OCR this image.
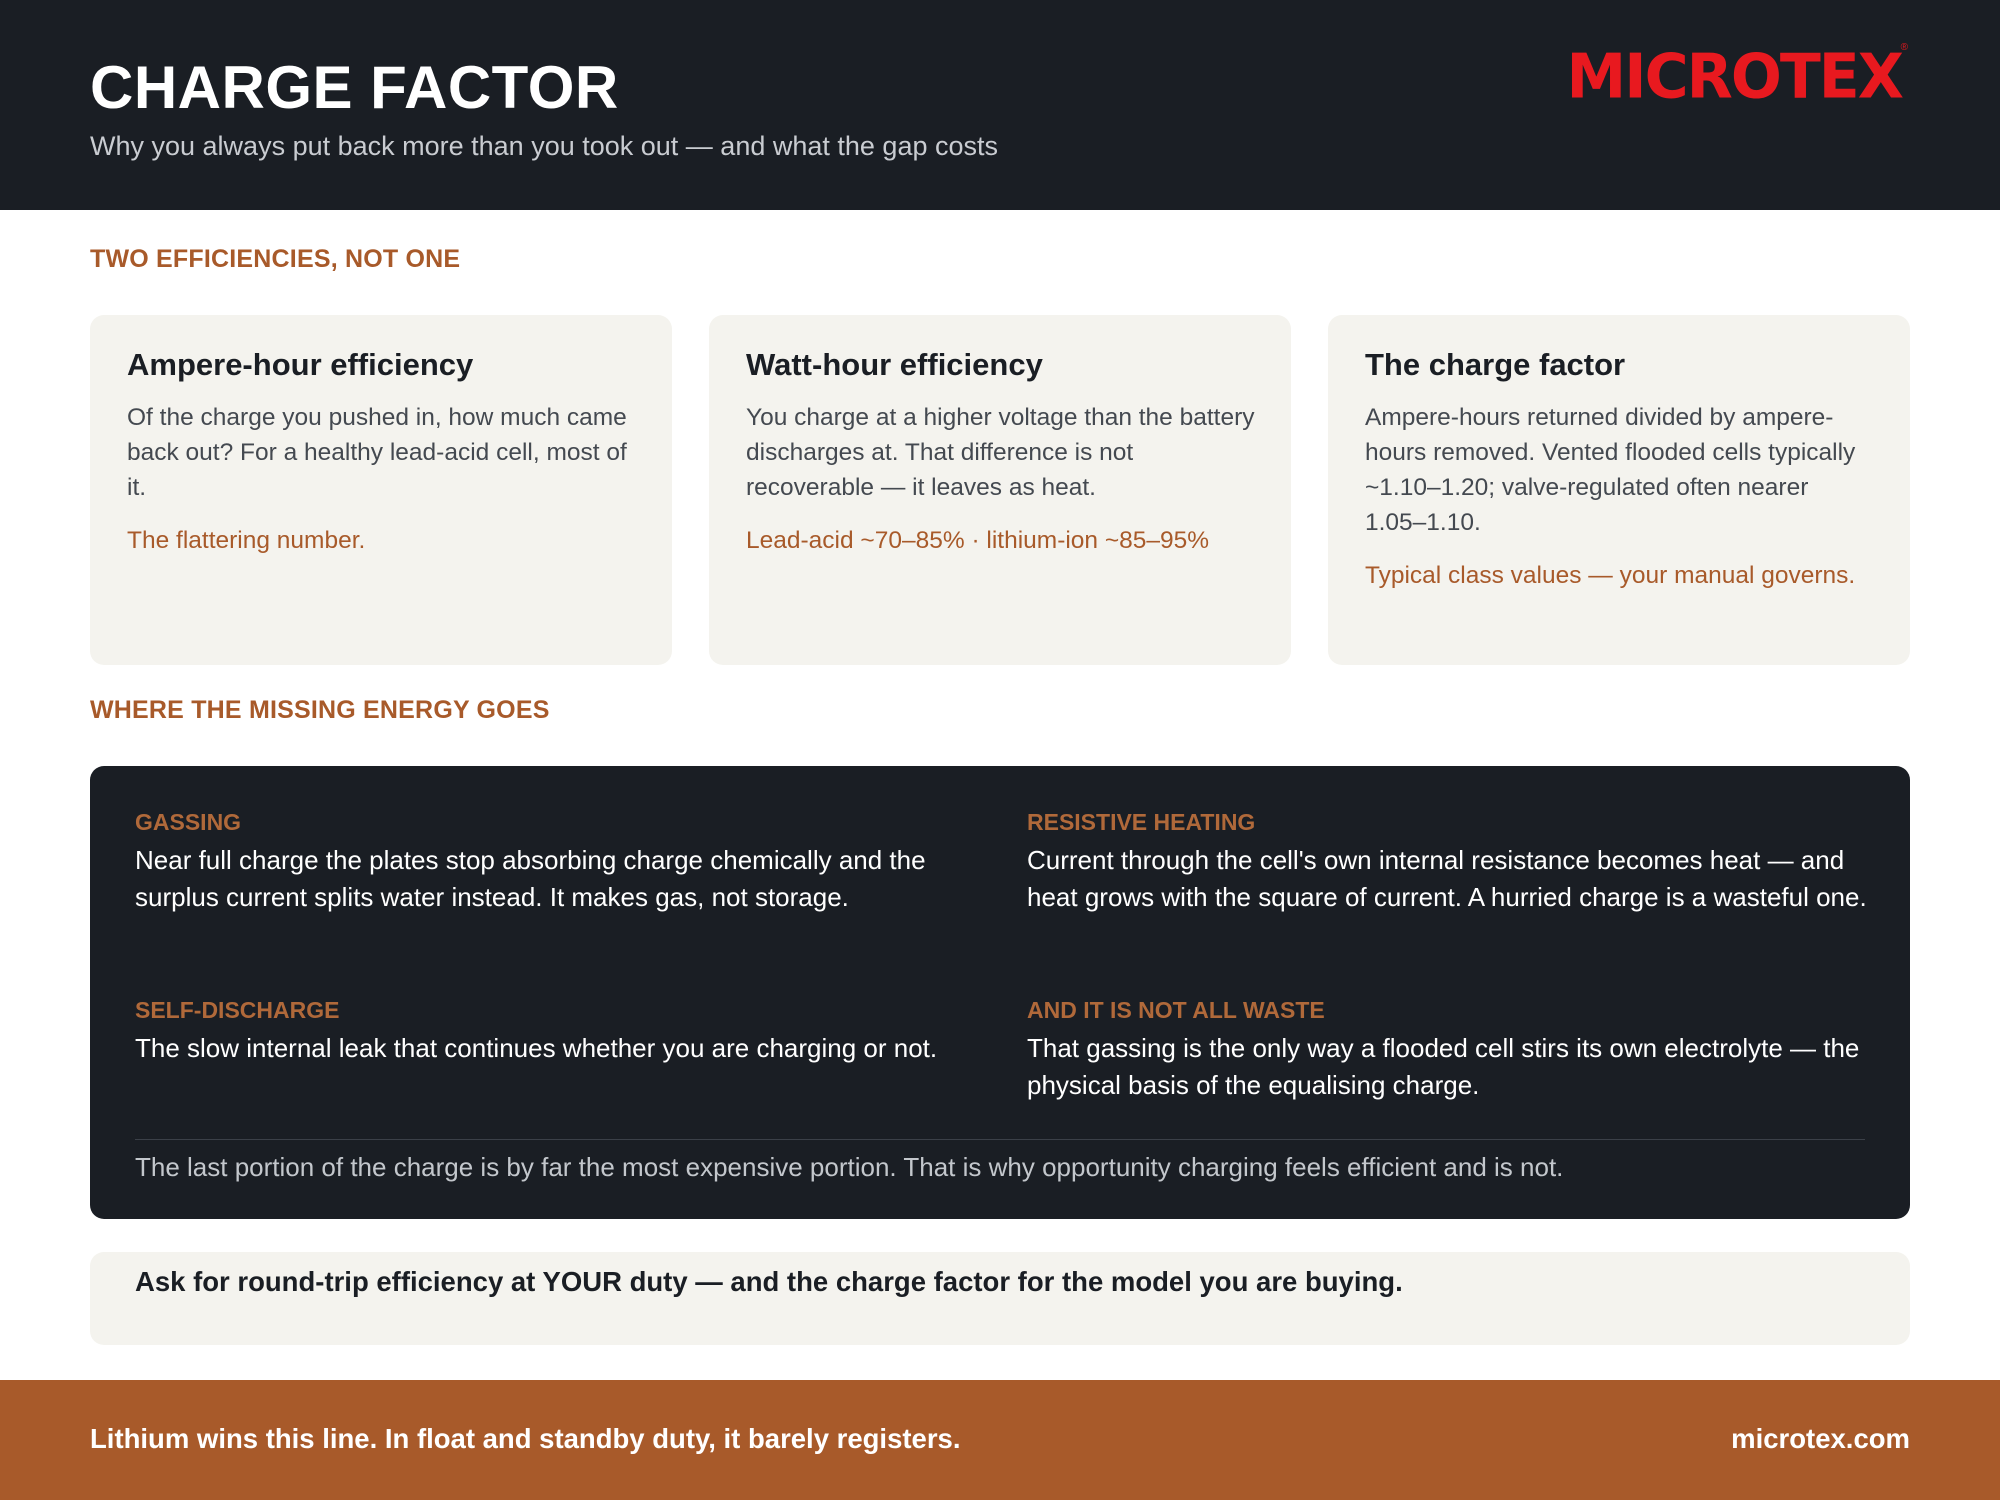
CHARGE FACTOR
Why you always put back more than you took out — and what the gap costs
MICROTEX
®
TWO EFFICIENCIES, NOT ONE
Ampere-hour efficiency
Of the charge you pushed in, how much came back out? For a healthy lead-acid cell, most of it.
The flattering number.
Watt-hour efficiency
You charge at a higher voltage than the battery discharges at. That difference is not recoverable — it leaves as heat.
Lead-acid ~70–85% · lithium-ion ~85–95%
The charge factor
Ampere-hours returned divided by ampere-hours removed. Vented flooded cells typically ~1.10–1.20; valve-regulated often nearer 1.05–1.10.
Typical class values — your manual governs.
WHERE THE MISSING ENERGY GOES
GASSING
Near full charge the plates stop absorbing charge chemically and the surplus current splits water instead. It makes gas, not storage.
RESISTIVE HEATING
Current through the cell's own internal resistance becomes heat — and heat grows with the square of current. A hurried charge is a wasteful one.
SELF-DISCHARGE
The slow internal leak that continues whether you are charging or not.
AND IT IS NOT ALL WASTE
That gassing is the only way a flooded cell stirs its own electrolyte — the physical basis of the equalising charge.
The last portion of the charge is by far the most expensive portion. That is why opportunity charging feels efficient and is not.
Ask for round-trip efficiency at YOUR duty — and the charge factor for the model you are buying.
Lithium wins this line. In float and standby duty, it barely registers.	microtex.com
